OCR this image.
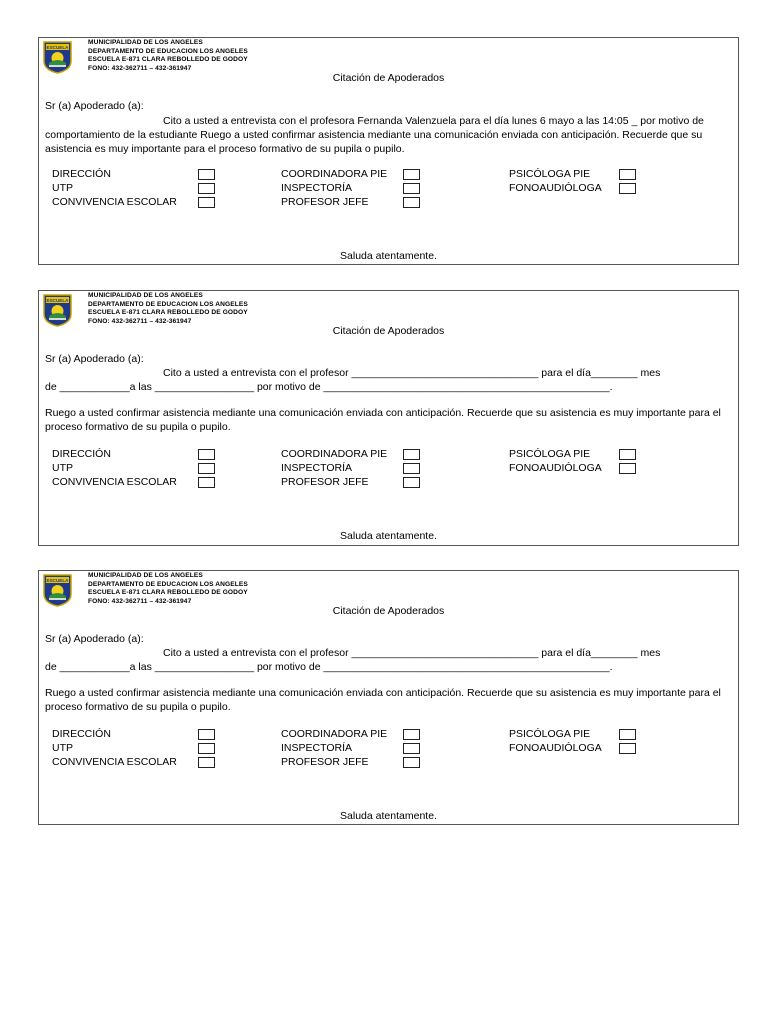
ESCUELA
MUNICIPALIDAD DE LOS ANGELES
DEPARTAMENTO DE EDUCACION LOS ANGELES
ESCUELA E-871 CLARA REBOLLEDO DE GODOY
FONO: 432-362711 – 432-361947
Citación de Apoderados
Sr (a) Apoderado (a):
Cito a usted a entrevista con el profesora Fernanda Valenzuela para el día lunes 6 mayo a las 14:05 _ por motivo de comportamiento de la estudiante Ruego a usted confirmar asistencia mediante una comunicación enviada con anticipación. Recuerde que su asistencia es muy importante para el proceso formativo de su pupila o pupilo.
DIRECCIÓN
UTP
CONVIVENCIA ESCOLAR
COORDINADORA PIE
INSPECTORÍA
PROFESOR JEFE
PSICÓLOGA PIE
FONOAUDIÓLOGA
Saluda atentamente.
ESCUELA
MUNICIPALIDAD DE LOS ANGELES
DEPARTAMENTO DE EDUCACION LOS ANGELES
ESCUELA E-871 CLARA REBOLLEDO DE GODOY
FONO: 432-362711 – 432-361947
Citación de Apoderados
Sr (a) Apoderado (a):
Cito a usted a entrevista con el profesor ________________________________ para el día________ mes
de ____________a las _________________ por motivo de _________________________________________________.
Ruego a usted confirmar asistencia mediante una comunicación enviada con anticipación. Recuerde que su asistencia es muy importante para el proceso formativo de su pupila o pupilo.
DIRECCIÓN
UTP
CONVIVENCIA ESCOLAR
COORDINADORA PIE
INSPECTORÍA
PROFESOR JEFE
PSICÓLOGA PIE
FONOAUDIÓLOGA
Saluda atentamente.
ESCUELA
MUNICIPALIDAD DE LOS ANGELES
DEPARTAMENTO DE EDUCACION LOS ANGELES
ESCUELA E-871 CLARA REBOLLEDO DE GODOY
FONO: 432-362711 – 432-361947
Citación de Apoderados
Sr (a) Apoderado (a):
Cito a usted a entrevista con el profesor ________________________________ para el día________ mes
de ____________a las _________________ por motivo de _________________________________________________.
Ruego a usted confirmar asistencia mediante una comunicación enviada con anticipación. Recuerde que su asistencia es muy importante para el proceso formativo de su pupila o pupilo.
DIRECCIÓN
UTP
CONVIVENCIA ESCOLAR
COORDINADORA PIE
INSPECTORÍA
PROFESOR JEFE
PSICÓLOGA PIE
FONOAUDIÓLOGA
Saluda atentamente.
